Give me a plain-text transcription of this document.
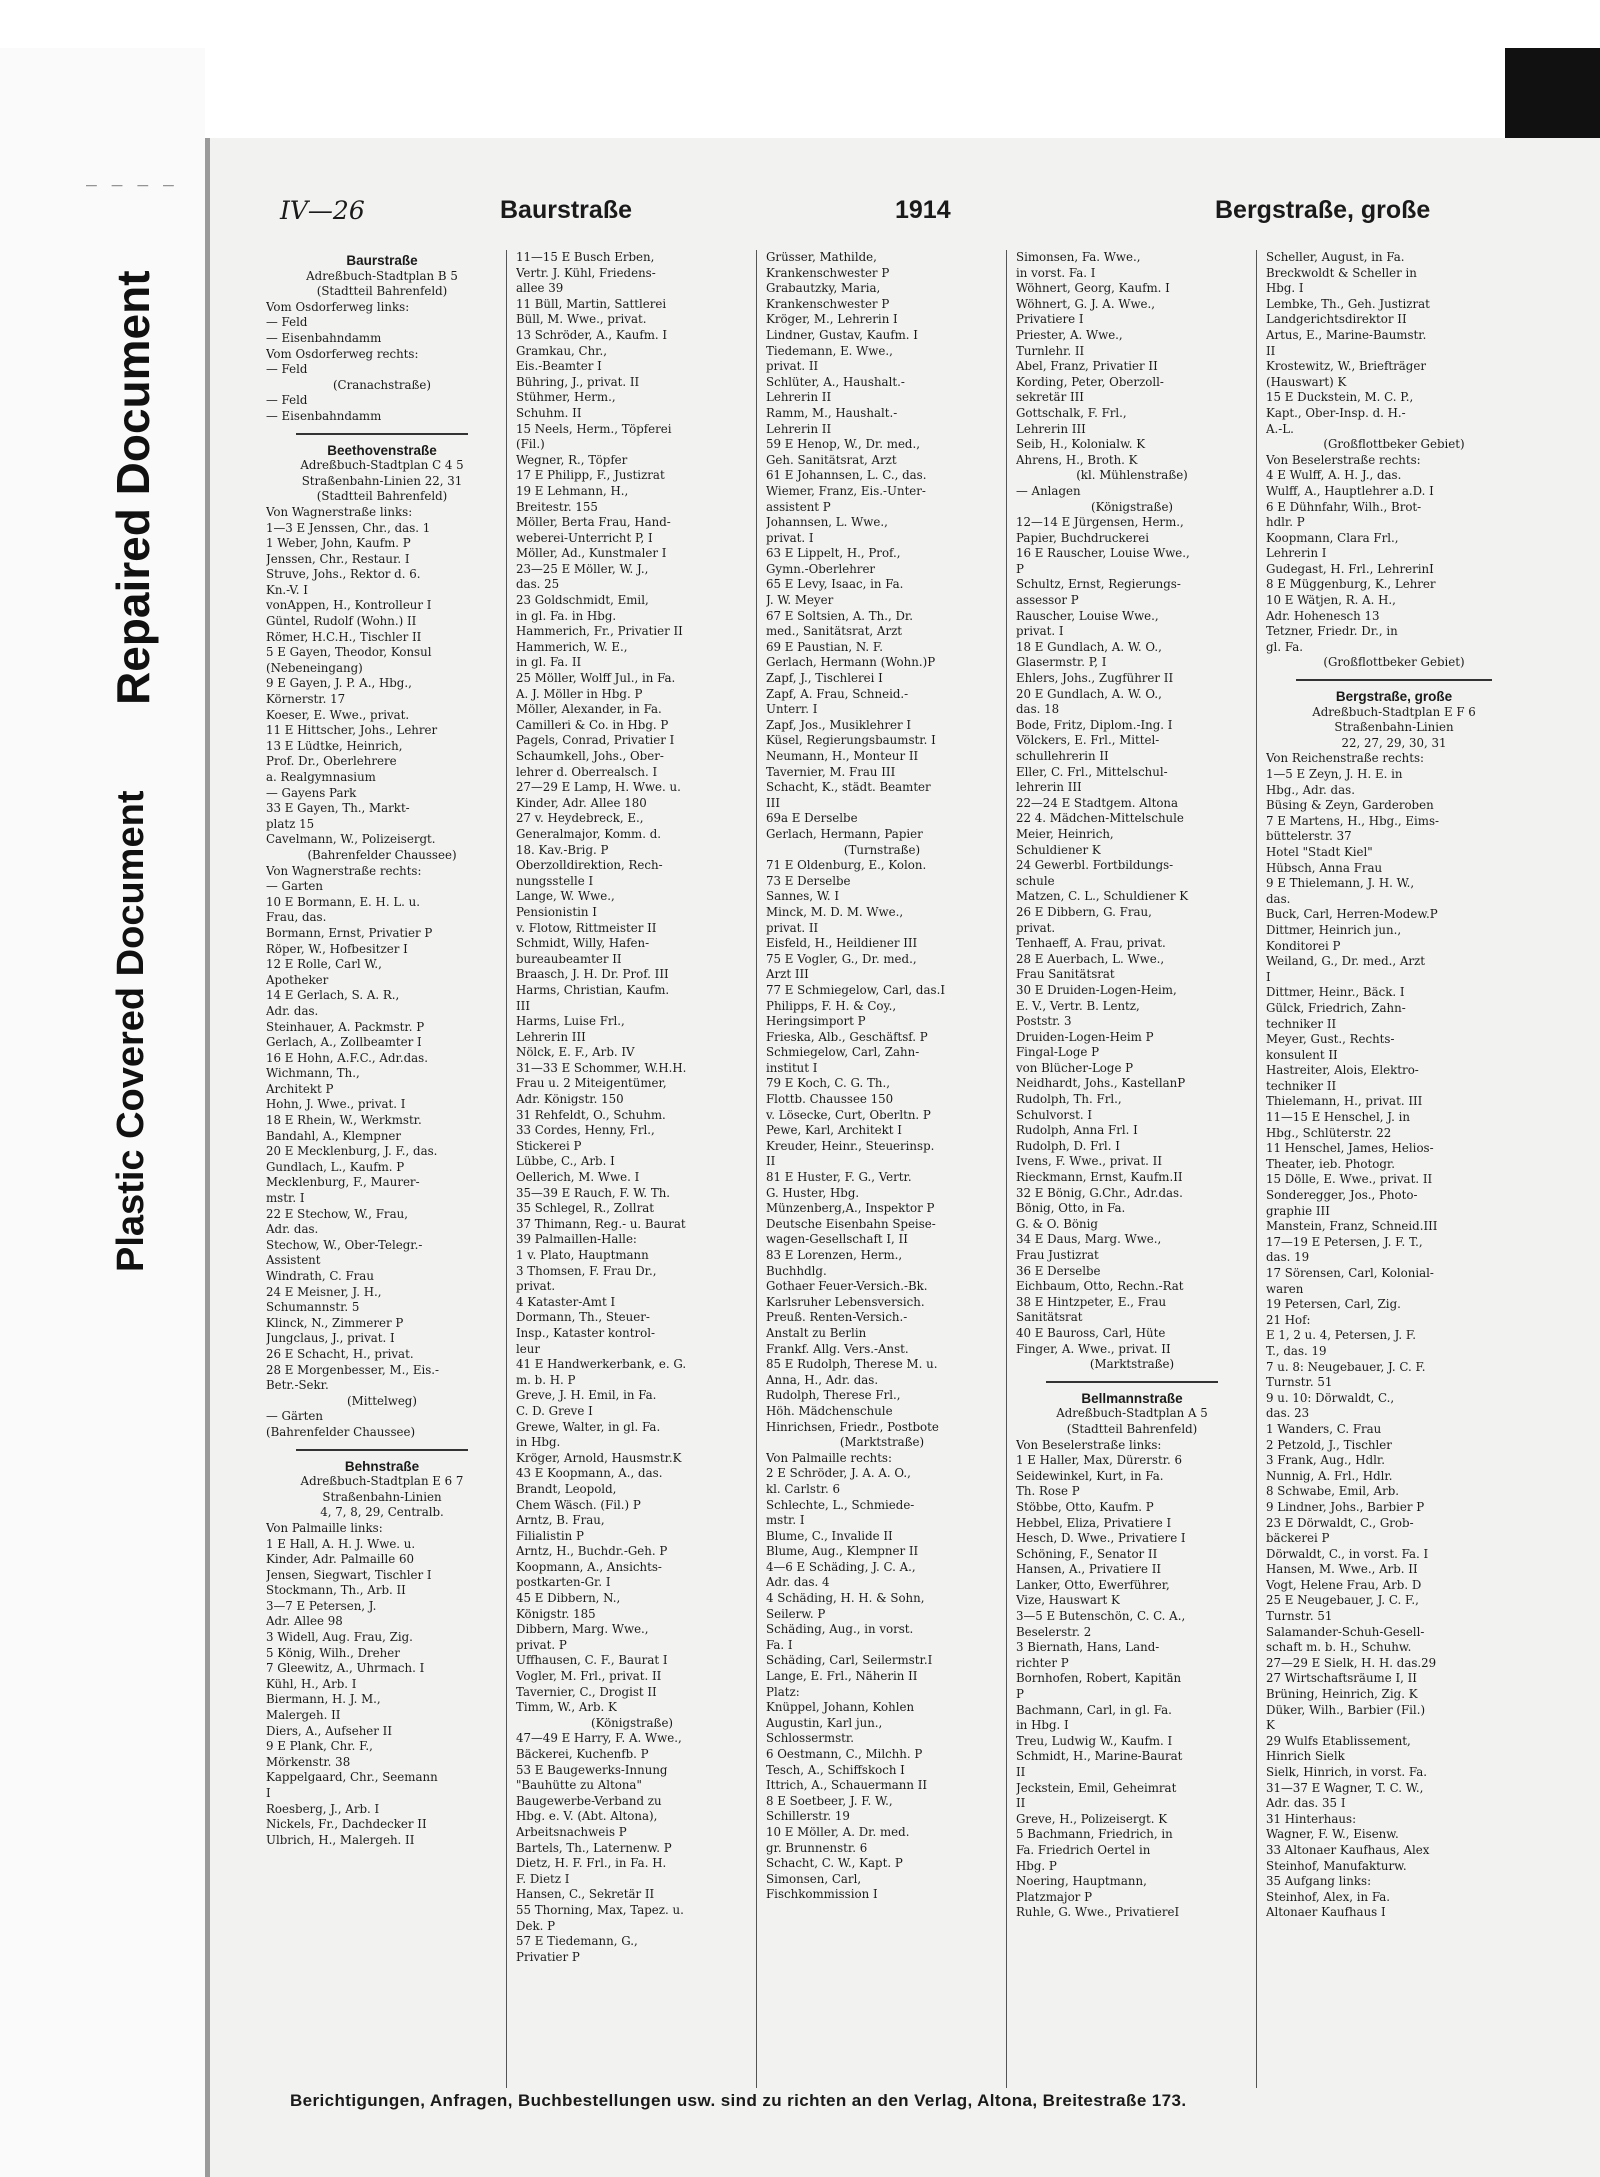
_ _ _ _
Repaired Document
Plastic Covered Document
IV—26	Baurstraße	1914	Bergstraße, große

Baurstraße

Adreßbuch-Stadtplan B 5

(Stadtteil Bahrenfeld)

Vom Osdorferweg links:

— Feld

— Eisenbahndamm

Vom Osdorferweg rechts:

— Feld

(Cranachstraße)

— Feld

— Eisenbahndamm

Beethovenstraße

Adreßbuch-Stadtplan C 4 5

Straßenbahn-Linien 22, 31

(Stadtteil Bahrenfeld)

Von Wagnerstraße links:

1—3 E Jenssen, Chr., das. 1

1 Weber, John, Kaufm. P

Jenssen, Chr., Restaur. I

Struve, Johs., Rektor d. 6.

Kn.-V. I

vonAppen, H., Kontrolleur I

Güntel, Rudolf (Wohn.) II

Römer, H.C.H., Tischler II

5 E Gayen, Theodor, Konsul

(Nebeneingang)

9 E Gayen, J. P. A., Hbg.,

Körnerstr. 17

Koeser, E. Wwe., privat.

11 E Hittscher, Johs., Lehrer

13 E Lüdtke, Heinrich,

Prof. Dr., Oberlehrere

a. Realgymnasium

— Gayens Park

33 E Gayen, Th., Markt-

platz 15

Cavelmann, W., Polizeisergt.

(Bahrenfelder Chaussee)

Von Wagnerstraße rechts:

— Garten

10 E Bormann, E. H. L. u.

Frau, das.

Bormann, Ernst, Privatier P

Röper, W., Hofbesitzer I

12 E Rolle, Carl W.,

Apotheker

14 E Gerlach, S. A. R.,

Adr. das.

Steinhauer, A. Packmstr. P

Gerlach, A., Zollbeamter I

16 E Hohn, A.F.C., Adr.das.

Wichmann, Th.,

Architekt P

Hohn, J. Wwe., privat. I

18 E Rhein, W., Werkmstr.

Bandahl, A., Klempner

20 E Mecklenburg, J. F., das.

Gundlach, L., Kaufm. P

Mecklenburg, F., Maurer-

mstr. I

22 E Stechow, W., Frau,

Adr. das.

Stechow, W., Ober-Telegr.-

Assistent

Windrath, C. Frau

24 E Meisner, J. H.,

Schumannstr. 5

Klinck, N., Zimmerer P

Jungclaus, J., privat. I

26 E Schacht, H., privat.

28 E Morgenbesser, M., Eis.-

Betr.-Sekr.

(Mittelweg)

— Gärten

(Bahrenfelder Chaussee)

Behnstraße

Adreßbuch-Stadtplan E 6 7

Straßenbahn-Linien

4, 7, 8, 29, Centralb.

Von Palmaille links:

1 E Hall, A. H. J. Wwe. u.

Kinder, Adr. Palmaille 60

Jensen, Siegwart, Tischler I

Stockmann, Th., Arb. II

3—7 E Petersen, J.

Adr. Allee 98

3 Widell, Aug. Frau, Zig.

5 König, Wilh., Dreher

7 Gleewitz, A., Uhrmach. I

Kühl, H., Arb. I

Biermann, H. J. M.,

Malergeh. II

Diers, A., Aufseher II

9 E Plank, Chr. F.,

Mörkenstr. 38

Kappelgaard, Chr., Seemann

I

Roesberg, J., Arb. I

Nickels, Fr., Dachdecker II

Ulbrich, H., Malergeh. II

11—15 E Busch Erben,

Vertr. J. Kühl, Friedens-

allee 39

11 Büll, Martin, Sattlerei

Büll, M. Wwe., privat.

13 Schröder, A., Kaufm. I

Gramkau, Chr.,

Eis.-Beamter I

Bühring, J., privat. II

Stühmer, Herm.,

Schuhm. II

15 Neels, Herm., Töpferei

(Fil.)

Wegner, R., Töpfer

17 E Philipp, F., Justizrat

19 E Lehmann, H.,

Breitestr. 155

Möller, Berta Frau, Hand-

weberei-Unterricht P, I

Möller, Ad., Kunstmaler I

23—25 E Möller, W. J.,

das. 25

23 Goldschmidt, Emil,

in gl. Fa. in Hbg.

Hammerich, Fr., Privatier II

Hammerich, W. E.,

in gl. Fa. II

25 Möller, Wolff Jul., in Fa.

A. J. Möller in Hbg. P

Möller, Alexander, in Fa.

Camilleri & Co. in Hbg. P

Pagels, Conrad, Privatier I

Schaumkell, Johs., Ober-

lehrer d. Oberrealsch. I

27—29 E Lamp, H. Wwe. u.

Kinder, Adr. Allee 180

27 v. Heydebreck, E.,

Generalmajor, Komm. d.

18. Kav.-Brig. P

Oberzolldirektion, Rech-

nungsstelle I

Lange, W. Wwe.,

Pensionistin I

v. Flotow, Rittmeister II

Schmidt, Willy, Hafen-

bureaubeamter II

Braasch, J. H. Dr. Prof. III

Harms, Christian, Kaufm.

III

Harms, Luise Frl.,

Lehrerin III

Nölck, E. F., Arb. IV

31—33 E Schommer, W.H.H.

Frau u. 2 Miteigentümer,

Adr. Königstr. 150

31 Rehfeldt, O., Schuhm.

33 Cordes, Henny, Frl.,

Stickerei P

Lübbe, C., Arb. I

Oellerich, M. Wwe. I

35—39 E Rauch, F. W. Th.

35 Schlegel, R., Zollrat

37 Thimann, Reg.- u. Baurat

39 Palmaillen-Halle:

1 v. Plato, Hauptmann

3 Thomsen, F. Frau Dr.,

privat.

4 Kataster-Amt I

Dormann, Th., Steuer-

Insp., Kataster kontrol-

leur

41 E Handwerkerbank, e. G.

m. b. H. P

Greve, J. H. Emil, in Fa.

C. D. Greve I

Grewe, Walter, in gl. Fa.

in Hbg.

Kröger, Arnold, Hausmstr.K

43 E Koopmann, A., das.

Brandt, Leopold,

Chem Wäsch. (Fil.) P

Arntz, B. Frau,

Filialistin P

Arntz, H., Buchdr.-Geh. P

Koopmann, A., Ansichts-

postkarten-Gr. I

45 E Dibbern, N.,

Königstr. 185

Dibbern, Marg. Wwe.,

privat. P

Uffhausen, C. F., Baurat I

Vogler, M. Frl., privat. II

Tavernier, C., Drogist II

Timm, W., Arb. K

(Königstraße)

47—49 E Harry, F. A. Wwe.,

Bäckerei, Kuchenfb. P

53 E Baugewerks-Innung

"Bauhütte zu Altona"

Baugewerbe-Verband zu

Hbg. e. V. (Abt. Altona),

Arbeitsnachweis P

Bartels, Th., Laternenw. P

Dietz, H. F. Frl., in Fa. H.

F. Dietz I

Hansen, C., Sekretär II

55 Thorning, Max, Tapez. u.

Dek. P

57 E Tiedemann, G.,

Privatier P

Grüsser, Mathilde,

Krankenschwester P

Grabautzky, Maria,

Krankenschwester P

Kröger, M., Lehrerin I

Lindner, Gustav, Kaufm. I

Tiedemann, E. Wwe.,

privat. II

Schlüter, A., Haushalt.-

Lehrerin II

Ramm, M., Haushalt.-

Lehrerin II

59 E Henop, W., Dr. med.,

Geh. Sanitätsrat, Arzt

61 E Johannsen, L. C., das.

Wiemer, Franz, Eis.-Unter-

assistent P

Johannsen, L. Wwe.,

privat. I

63 E Lippelt, H., Prof.,

Gymn.-Oberlehrer

65 E Levy, Isaac, in Fa.

J. W. Meyer

67 E Soltsien, A. Th., Dr.

med., Sanitätsrat, Arzt

69 E Paustian, N. F.

Gerlach, Hermann (Wohn.)P

Zapf, J., Tischlerei I

Zapf, A. Frau, Schneid.-

Unterr. I

Zapf, Jos., Musiklehrer I

Küsel, Regierungsbaumstr. I

Neumann, H., Monteur II

Tavernier, M. Frau III

Schacht, K., städt. Beamter

III

69a E Derselbe

Gerlach, Hermann, Papier

(Turnstraße)

71 E Oldenburg, E., Kolon.

73 E Derselbe

Sannes, W. I

Minck, M. D. M. Wwe.,

privat. II

Eisfeld, H., Heildiener III

75 E Vogler, G., Dr. med.,

Arzt III

77 E Schmiegelow, Carl, das.I

Philipps, F. H. & Coy.,

Heringsimport P

Frieska, Alb., Geschäftsf. P

Schmiegelow, Carl, Zahn-

institut I

79 E Koch, C. G. Th.,

Flottb. Chaussee 150

v. Lösecke, Curt, Oberltn. P

Pewe, Karl, Architekt I

Kreuder, Heinr., Steuerinsp.

II

81 E Huster, F. G., Vertr.

G. Huster, Hbg.

Münzenberg,A., Inspektor P

Deutsche Eisenbahn Speise-

wagen-Gesellschaft I, II

83 E Lorenzen, Herm.,

Buchhdlg.

Gothaer Feuer-Versich.-Bk.

Karlsruher Lebensversich.

Preuß. Renten-Versich.-

Anstalt zu Berlin

Frankf. Allg. Vers.-Anst.

85 E Rudolph, Therese M. u.

Anna, H., Adr. das.

Rudolph, Therese Frl.,

Höh. Mädchenschule

Hinrichsen, Friedr., Postbote

(Marktstraße)

Von Palmaille rechts:

2 E Schröder, J. A. A. O.,

kl. Carlstr. 6

Schlechte, L., Schmiede-

mstr. I

Blume, C., Invalide II

Blume, Aug., Klempner II

4—6 E Schäding, J. C. A.,

Adr. das. 4

4 Schäding, H. H. & Sohn,

Seilerw. P

Schäding, Aug., in vorst.

Fa. I

Schäding, Carl, Seilermstr.I

Lange, E. Frl., Näherin II

Platz:

Knüppel, Johann, Kohlen

Augustin, Karl jun.,

Schlossermstr.

6 Oestmann, C., Milchh. P

Tesch, A., Schiffskoch I

Ittrich, A., Schauermann II

8 E Soetbeer, J. F. W.,

Schillerstr. 19

10 E Möller, A. Dr. med.

gr. Brunnenstr. 6

Schacht, C. W., Kapt. P

Simonsen, Carl,

Fischkommission I

Simonsen, Fa. Wwe.,

in vorst. Fa. I

Wöhnert, Georg, Kaufm. I

Wöhnert, G. J. A. Wwe.,

Privatiere I

Priester, A. Wwe.,

Turnlehr. II

Abel, Franz, Privatier II

Kording, Peter, Oberzoll-

sekretär III

Gottschalk, F. Frl.,

Lehrerin III

Seib, H., Kolonialw. K

Ahrens, H., Broth. K

(kl. Mühlenstraße)

— Anlagen

(Königstraße)

12—14 E Jürgensen, Herm.,

Papier, Buchdruckerei

16 E Rauscher, Louise Wwe.,

P

Schultz, Ernst, Regierungs-

assessor P

Rauscher, Louise Wwe.,

privat. I

18 E Gundlach, A. W. O.,

Glasermstr. P, I

Ehlers, Johs., Zugführer II

20 E Gundlach, A. W. O.,

das. 18

Bode, Fritz, Diplom.-Ing. I

Völckers, E. Frl., Mittel-

schullehrerin II

Eller, C. Frl., Mittelschul-

lehrerin III

22—24 E Stadtgem. Altona

22 4. Mädchen-Mittelschule

Meier, Heinrich,

Schuldiener K

24 Gewerbl. Fortbildungs-

schule

Matzen, C. L., Schuldiener K

26 E Dibbern, G. Frau,

privat.

Tenhaeff, A. Frau, privat.

28 E Auerbach, L. Wwe.,

Frau Sanitätsrat

30 E Druiden-Logen-Heim,

E. V., Vertr. B. Lentz,

Poststr. 3

Druiden-Logen-Heim P

Fingal-Loge P

von Blücher-Loge P

Neidhardt, Johs., KastellanP

Rudolph, Th. Frl.,

Schulvorst. I

Rudolph, Anna Frl. I

Rudolph, D. Frl. I

Ivens, F. Wwe., privat. II

Rieckmann, Ernst, Kaufm.II

32 E Bönig, G.Chr., Adr.das.

Bönig, Otto, in Fa.

G. & O. Bönig

34 E Daus, Marg. Wwe.,

Frau Justizrat

36 E Derselbe

Eichbaum, Otto, Rechn.-Rat

38 E Hintzpeter, E., Frau

Sanitätsrat

40 E Bauross, Carl, Hüte

Finger, A. Wwe., privat. II

(Marktstraße)

Bellmannstraße

Adreßbuch-Stadtplan A 5

(Stadtteil Bahrenfeld)

Von Beselerstraße links:

1 E Haller, Max, Dürerstr. 6

Seidewinkel, Kurt, in Fa.

Th. Rose P

Stöbbe, Otto, Kaufm. P

Hebbel, Eliza, Privatiere I

Hesch, D. Wwe., Privatiere I

Schöning, F., Senator II

Hansen, A., Privatiere II

Lanker, Otto, Ewerführer,

Vize, Hauswart K

3—5 E Butenschön, C. C. A.,

Beselerstr. 2

3 Biernath, Hans, Land-

richter P

Bornhofen, Robert, Kapitän

P

Bachmann, Carl, in gl. Fa.

in Hbg. I

Treu, Ludwig W., Kaufm. I

Schmidt, H., Marine-Baurat

II

Jeckstein, Emil, Geheimrat

II

Greve, H., Polizeisergt. K

5 Bachmann, Friedrich, in

Fa. Friedrich Oertel in

Hbg. P

Noering, Hauptmann,

Platzmajor P

Ruhle, G. Wwe., PrivatiereI

Scheller, August, in Fa.

Breckwoldt & Scheller in

Hbg. I

Lembke, Th., Geh. Justizrat

Landgerichtsdirektor II

Artus, E., Marine-Baumstr.

II

Krostewitz, W., Briefträger

(Hauswart) K

15 E Duckstein, M. C. P.,

Kapt., Ober-Insp. d. H.-

A.-L.

(Großflottbeker Gebiet)

Von Beselerstraße rechts:

4 E Wulff, A. H. J., das.

Wulff, A., Hauptlehrer a.D. I

6 E Dühnfahr, Wilh., Brot-

hdlr. P

Koopmann, Clara Frl.,

Lehrerin I

Gudegast, H. Frl., LehrerinI

8 E Müggenburg, K., Lehrer

10 E Wätjen, R. A. H.,

Adr. Hohenesch 13

Tetzner, Friedr. Dr., in

gl. Fa.

(Großflottbeker Gebiet)

Bergstraße, große

Adreßbuch-Stadtplan E F 6

Straßenbahn-Linien

22, 27, 29, 30, 31

Von Reichenstraße rechts:

1—5 E Zeyn, J. H. E. in

Hbg., Adr. das.

Büsing & Zeyn, Garderoben

7 E Martens, H., Hbg., Eims-

büttelerstr. 37

Hotel "Stadt Kiel"

Hübsch, Anna Frau

9 E Thielemann, J. H. W.,

das.

Buck, Carl, Herren-Modew.P

Dittmer, Heinrich jun.,

Konditorei P

Weiland, G., Dr. med., Arzt

I

Dittmer, Heinr., Bäck. I

Gülck, Friedrich, Zahn-

techniker II

Meyer, Gust., Rechts-

konsulent II

Hastreiter, Alois, Elektro-

techniker II

Thielemann, H., privat. III

11—15 E Henschel, J. in

Hbg., Schlüterstr. 22

11 Henschel, James, Helios-

Theater, ieb. Photogr.

15 Dölle, E. Wwe., privat. II

Sonderegger, Jos., Photo-

graphie III

Manstein, Franz, Schneid.III

17—19 E Petersen, J. F. T.,

das. 19

17 Sörensen, Carl, Kolonial-

waren

19 Petersen, Carl, Zig.

21 Hof:

E 1, 2 u. 4, Petersen, J. F.

T., das. 19

7 u. 8: Neugebauer, J. C. F.

Turnstr. 51

9 u. 10: Dörwaldt, C.,

das. 23

1 Wanders, C. Frau

2 Petzold, J., Tischler

3 Frank, Aug., Hdlr.

Nunnig, A. Frl., Hdlr.

8 Schwabe, Emil, Arb.

9 Lindner, Johs., Barbier P

23 E Dörwaldt, C., Grob-

bäckerei P

Dörwaldt, C., in vorst. Fa. I

Hansen, M. Wwe., Arb. II

Vogt, Helene Frau, Arb. D

25 E Neugebauer, J. C. F.,

Turnstr. 51

Salamander-Schuh-Gesell-

schaft m. b. H., Schuhw.

27—29 E Sielk, H. H. das.29

27 Wirtschaftsräume I, II

Brüning, Heinrich, Zig. K

Düker, Wilh., Barbier (Fil.)

K

29 Wulfs Etablissement,

Hinrich Sielk

Sielk, Hinrich, in vorst. Fa.

31—37 E Wagner, T. C. W.,

Adr. das. 35 I

31 Hinterhaus:

Wagner, F. W., Eisenw.

33 Altonaer Kaufhaus, Alex

Steinhof, Manufakturw.

35 Aufgang links:

Steinhof, Alex, in Fa.

Altonaer Kaufhaus I

Berichtigungen, Anfragen, Buchbestellungen usw. sind zu richten an den Verlag, Altona, Breitestraße 173.
